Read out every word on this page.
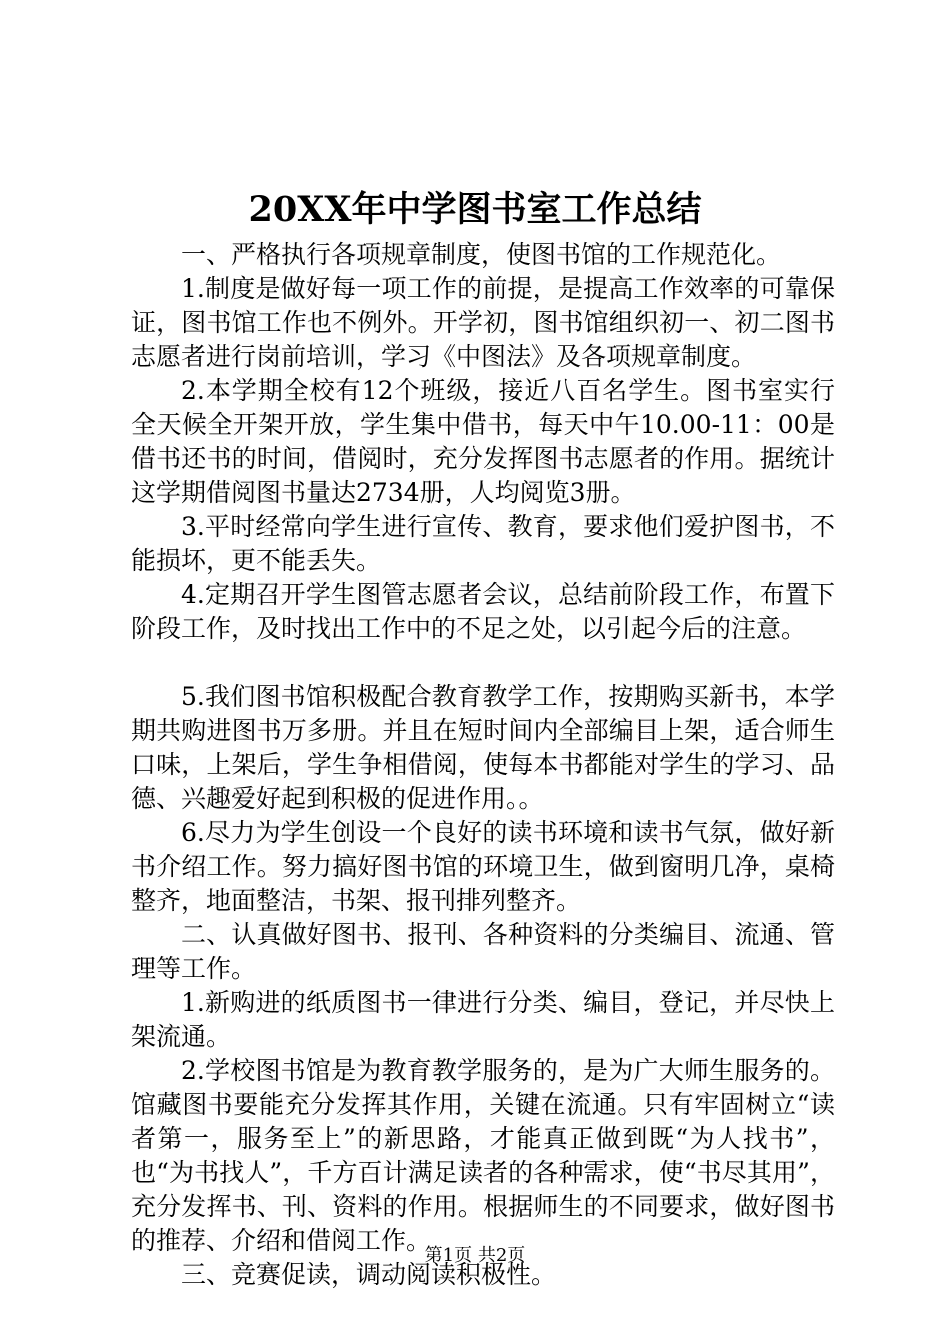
20XX年中学图书室工作总结

一、严格执行各项规章制度，使图书馆的工作规范化。

1.制度是做好每一项工作的前提，是提高工作效率的可靠保证，图书馆工作也不例外。开学初，图书馆组织初一、初二图书志愿者进行岗前培训，学习《中图法》及各项规章制度。

2.本学期全校有12个班级，接近八百名学生。图书室实行全天候全开架开放，学生集中借书，每天中午10.00-11：00是借书还书的时间，借阅时，充分发挥图书志愿者的作用。据统计这学期借阅图书量达2734册，人均阅览3册。

3.平时经常向学生进行宣传、教育，要求他们爱护图书，不能损坏，更不能丢失。

4.定期召开学生图管志愿者会议，总结前阶段工作，布置下阶段工作，及时找出工作中的不足之处，以引起今后的注意。

5.我们图书馆积极配合教育教学工作，按期购买新书，本学期共购进图书万多册。并且在短时间内全部编目上架，适合师生口味，上架后，学生争相借阅，使每本书都能对学生的学习、品德、兴趣爱好起到积极的促进作用。。

6.尽力为学生创设一个良好的读书环境和读书气氛，做好新书介绍工作。努力搞好图书馆的环境卫生，做到窗明几净，桌椅整齐，地面整洁，书架、报刊排列整齐。

二、认真做好图书、报刊、各种资料的分类编目、流通、管理等工作。

1.新购进的纸质图书一律进行分类、编目，登记，并尽快上架流通。

2.学校图书馆是为教育教学服务的，是为广大师生服务的。馆藏图书要能充分发挥其作用，关键在流通。只有牢固树立“读者第一，服务至上”的新思路，才能真正做到既“为人找书”，也“为书找人”，千方百计满足读者的各种需求，使“书尽其用”，充分发挥书、刊、资料的作用。根据师生的不同要求，做好图书的推荐、介绍和借阅工作。

三、竞赛促读，调动阅读积极性。

第1页 共2页
